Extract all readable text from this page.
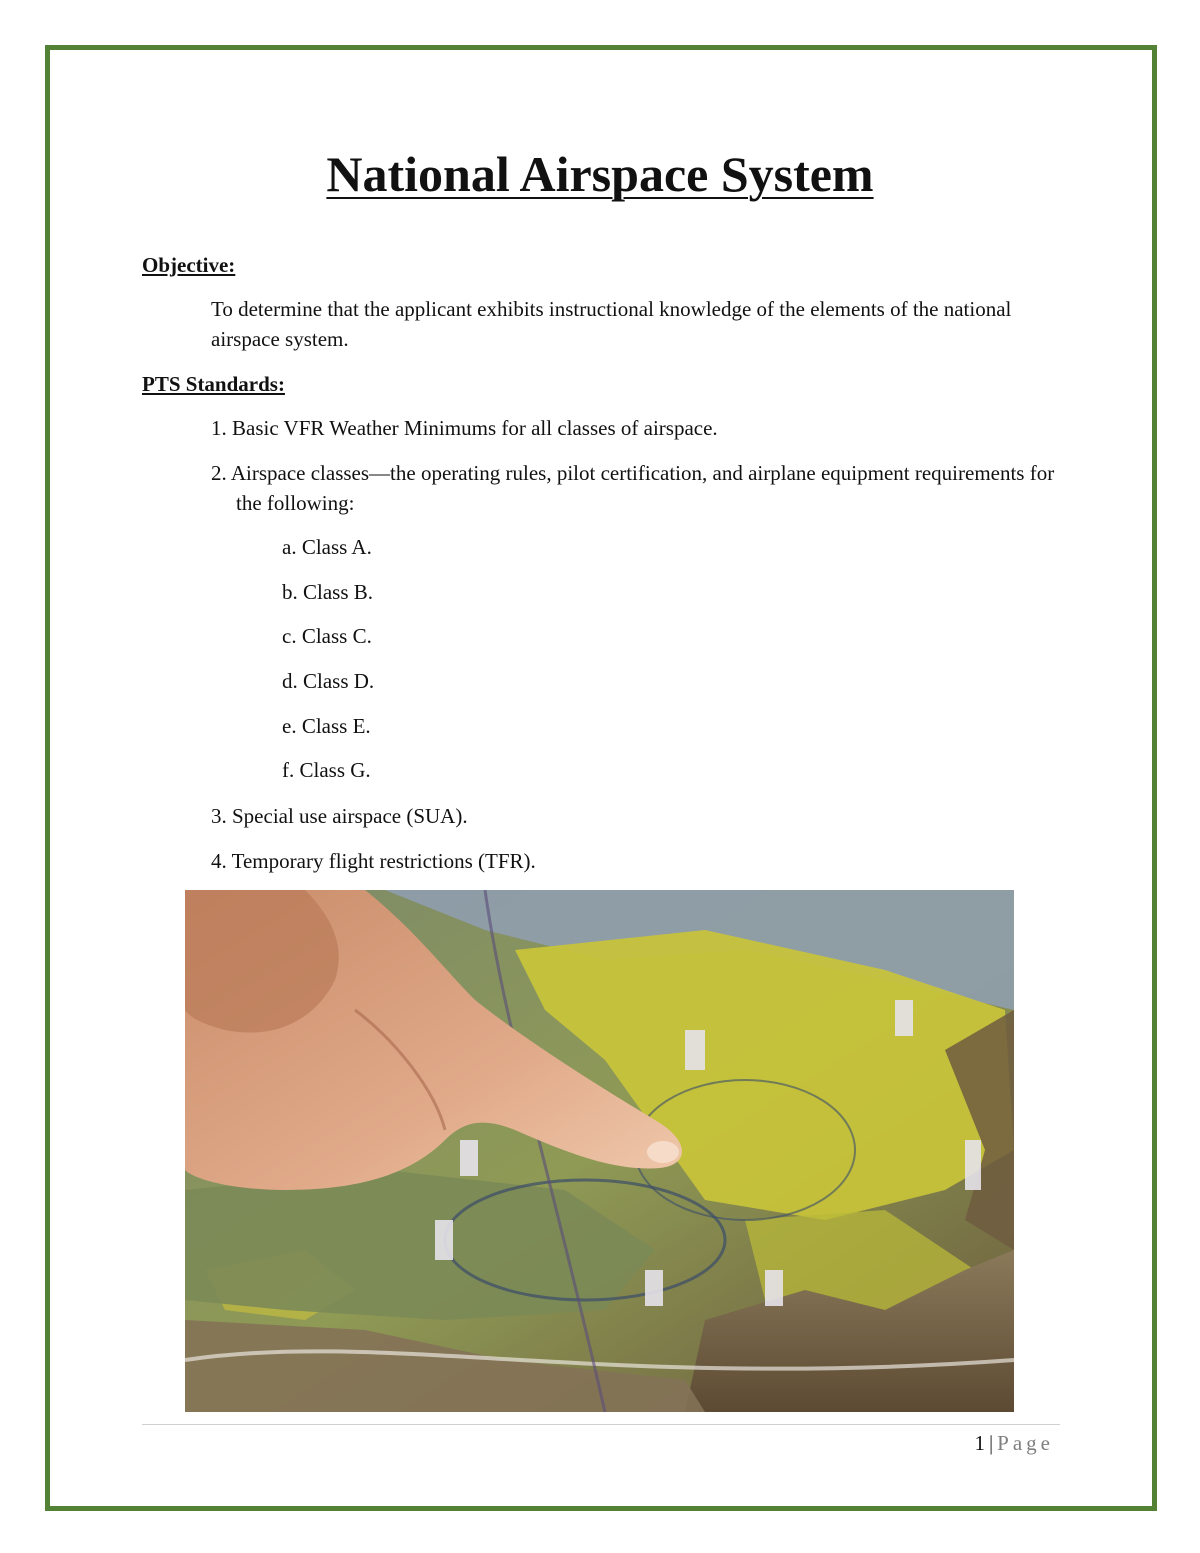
National Airspace System

Objective:

To determine that the applicant exhibits instructional knowledge of the elements of the national airspace system.

PTS Standards:

1. Basic VFR Weather Minimums for all classes of airspace.

2. Airspace classes—the operating rules, pilot certification, and airplane equipment requirements for the following:

a. Class A.

b. Class B.

c. Class C.

d. Class D.

e. Class E.

f. Class G.

3. Special use airspace (SUA).

4. Temporary flight restrictions (TFR).

1 | Page
